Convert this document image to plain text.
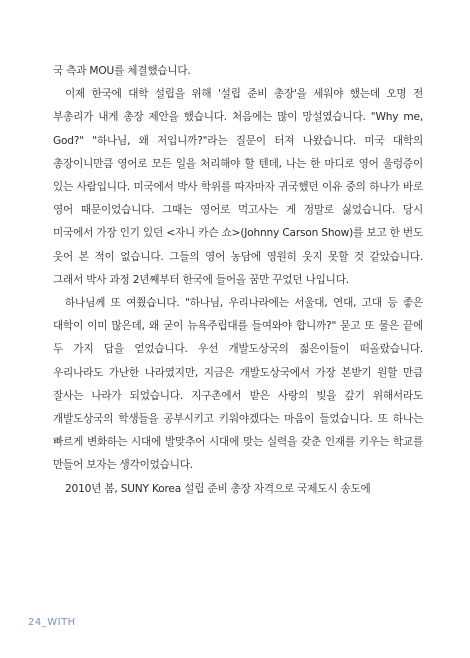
국 측과 MOU를 체결했습니다.

이제 한국에 대학 설립을 위해 '설립 준비 총장'을 세워야 했는데 오명 전 부총리가 내게 총장 제안을 했습니다. 처음에는 많이 망설였습니다. "Why me, God?" "하나님, 왜 저입니까?"라는 질문이 터져 나왔습니다. 미국 대학의 총장이니만큼 영어로 모든 일을 처리해야 할 텐데, 나는 한 마디로 영어 울렁증이 있는 사람입니다. 미국에서 박사 학위를 따자마자 귀국했던 이유 중의 하나가 바로 영어 때문이었습니다. 그때는 영어로 먹고사는 게 정말로 싫었습니다. 당시 미국에서 가장 인기 있던 <자니 카슨 쇼>(Johnny Carson Show)를 보고 한 번도 웃어 본 적이 없습니다. 그들의 영어 농담에 영원히 웃지 못할 것 같았습니다. 그래서 박사 과정 2년째부터 한국에 들어올 꿈만 꾸었던 나입니다.

하나님께 또 여쭸습니다. "하나님, 우리나라에는 서울대, 연대, 고대 등 좋은 대학이 이미 많은데, 왜 굳이 뉴욕주립대를 들여와야 합니까?" 묻고 또 물은 끝에 두 가지 답을 얻었습니다. 우선 개발도상국의 젊은이들이 떠올랐습니다. 우리나라도 가난한 나라였지만, 지금은 개발도상국에서 가장 본받기 원할 만큼 잘사는 나라가 되었습니다. 지구촌에서 받은 사랑의 빚을 갚기 위해서라도 개발도상국의 학생들을 공부시키고 키워야겠다는 마음이 들었습니다. 또 하나는 빠르게 변화하는 시대에 발맞추어 시대에 맞는 실력을 갖춘 인재를 키우는 학교를 만들어 보자는 생각이었습니다.

2010년 봄, SUNY Korea 설립 준비 총장 자격으로 국제도시 송도에

24_WITH
